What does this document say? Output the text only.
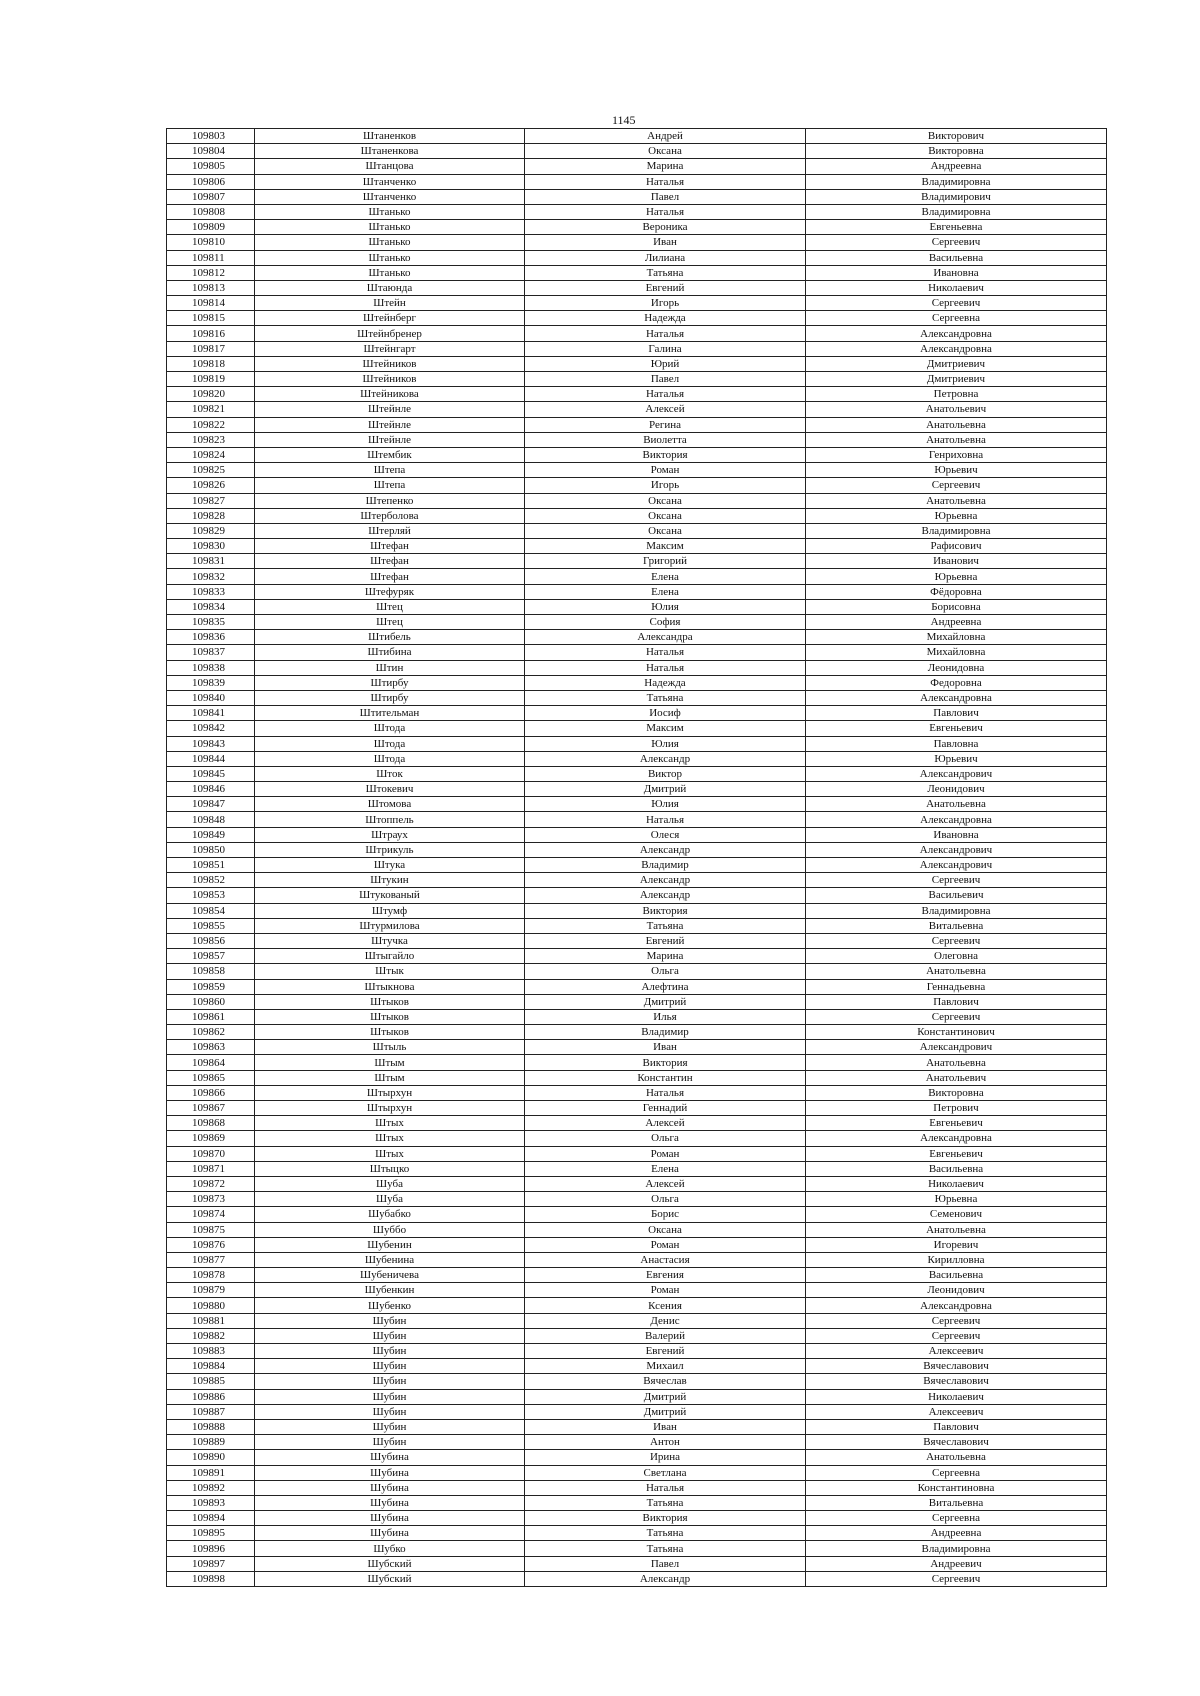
1145
109803	Штаненков	Андрей	Викторович
109804	Штаненкова	Оксана	Викторовна
109805	Штанцова	Марина	Андреевна
109806	Штанченко	Наталья	Владимировна
109807	Штанченко	Павел	Владимирович
109808	Штанько	Наталья	Владимировна
109809	Штанько	Вероника	Евгеньевна
109810	Штанько	Иван	Сергеевич
109811	Штанько	Лилиана	Васильевна
109812	Штанько	Татьяна	Ивановна
109813	Штаюнда	Евгений	Николаевич
109814	Штейн	Игорь	Сергеевич
109815	Штейнберг	Надежда	Сергеевна
109816	Штейнбренер	Наталья	Александровна
109817	Штейнгарт	Галина	Александровна
109818	Штейников	Юрий	Дмитриевич
109819	Штейников	Павел	Дмитриевич
109820	Штейникова	Наталья	Петровна
109821	Штейнле	Алексей	Анатольевич
109822	Штейнле	Регина	Анатольевна
109823	Штейнле	Виолетта	Анатольевна
109824	Штембик	Виктория	Генриховна
109825	Штепа	Роман	Юрьевич
109826	Штепа	Игорь	Сергеевич
109827	Штепенко	Оксана	Анатольевна
109828	Штерболова	Оксана	Юрьевна
109829	Штерляй	Оксана	Владимировна
109830	Штефан	Максим	Рафисович
109831	Штефан	Григорий	Иванович
109832	Штефан	Елена	Юрьевна
109833	Штефуряк	Елена	Фёдоровна
109834	Штец	Юлия	Борисовна
109835	Штец	София	Андреевна
109836	Штибель	Александра	Михайловна
109837	Штибина	Наталья	Михайловна
109838	Штин	Наталья	Леонидовна
109839	Штирбу	Надежда	Федоровна
109840	Штирбу	Татьяна	Александровна
109841	Штительман	Иосиф	Павлович
109842	Штода	Максим	Евгеньевич
109843	Штода	Юлия	Павловна
109844	Штода	Александр	Юрьевич
109845	Шток	Виктор	Александрович
109846	Штокевич	Дмитрий	Леонидович
109847	Штомова	Юлия	Анатольевна
109848	Штоппель	Наталья	Александровна
109849	Штраух	Олеся	Ивановна
109850	Штрикуль	Александр	Александрович
109851	Штука	Владимир	Александрович
109852	Штукин	Александр	Сергеевич
109853	Штукованый	Александр	Васильевич
109854	Штумф	Виктория	Владимировна
109855	Штурмилова	Татьяна	Витальевна
109856	Штучка	Евгений	Сергеевич
109857	Штыгайло	Марина	Олеговна
109858	Штык	Ольга	Анатольевна
109859	Штыкнова	Алефтина	Геннадьевна
109860	Штыков	Дмитрий	Павлович
109861	Штыков	Илья	Сергеевич
109862	Штыков	Владимир	Константинович
109863	Штыль	Иван	Александрович
109864	Штым	Виктория	Анатольевна
109865	Штым	Константин	Анатольевич
109866	Штырхун	Наталья	Викторовна
109867	Штырхун	Геннадий	Петрович
109868	Штых	Алексей	Евгеньевич
109869	Штых	Ольга	Александровна
109870	Штых	Роман	Евгеньевич
109871	Штыцко	Елена	Васильевна
109872	Шуба	Алексей	Николаевич
109873	Шуба	Ольга	Юрьевна
109874	Шубабко	Борис	Семенович
109875	Шуббо	Оксана	Анатольевна
109876	Шубенин	Роман	Игоревич
109877	Шубенина	Анастасия	Кирилловна
109878	Шубеничева	Евгения	Васильевна
109879	Шубенкин	Роман	Леонидович
109880	Шубенко	Ксения	Александровна
109881	Шубин	Денис	Сергеевич
109882	Шубин	Валерий	Сергеевич
109883	Шубин	Евгений	Алексеевич
109884	Шубин	Михаил	Вячеславович
109885	Шубин	Вячеслав	Вячеславович
109886	Шубин	Дмитрий	Николаевич
109887	Шубин	Дмитрий	Алексеевич
109888	Шубин	Иван	Павлович
109889	Шубин	Антон	Вячеславович
109890	Шубина	Ирина	Анатольевна
109891	Шубина	Светлана	Сергеевна
109892	Шубина	Наталья	Константиновна
109893	Шубина	Татьяна	Витальевна
109894	Шубина	Виктория	Сергеевна
109895	Шубина	Татьяна	Андреевна
109896	Шубко	Татьяна	Владимировна
109897	Шубский	Павел	Андреевич
109898	Шубский	Александр	Сергеевич
